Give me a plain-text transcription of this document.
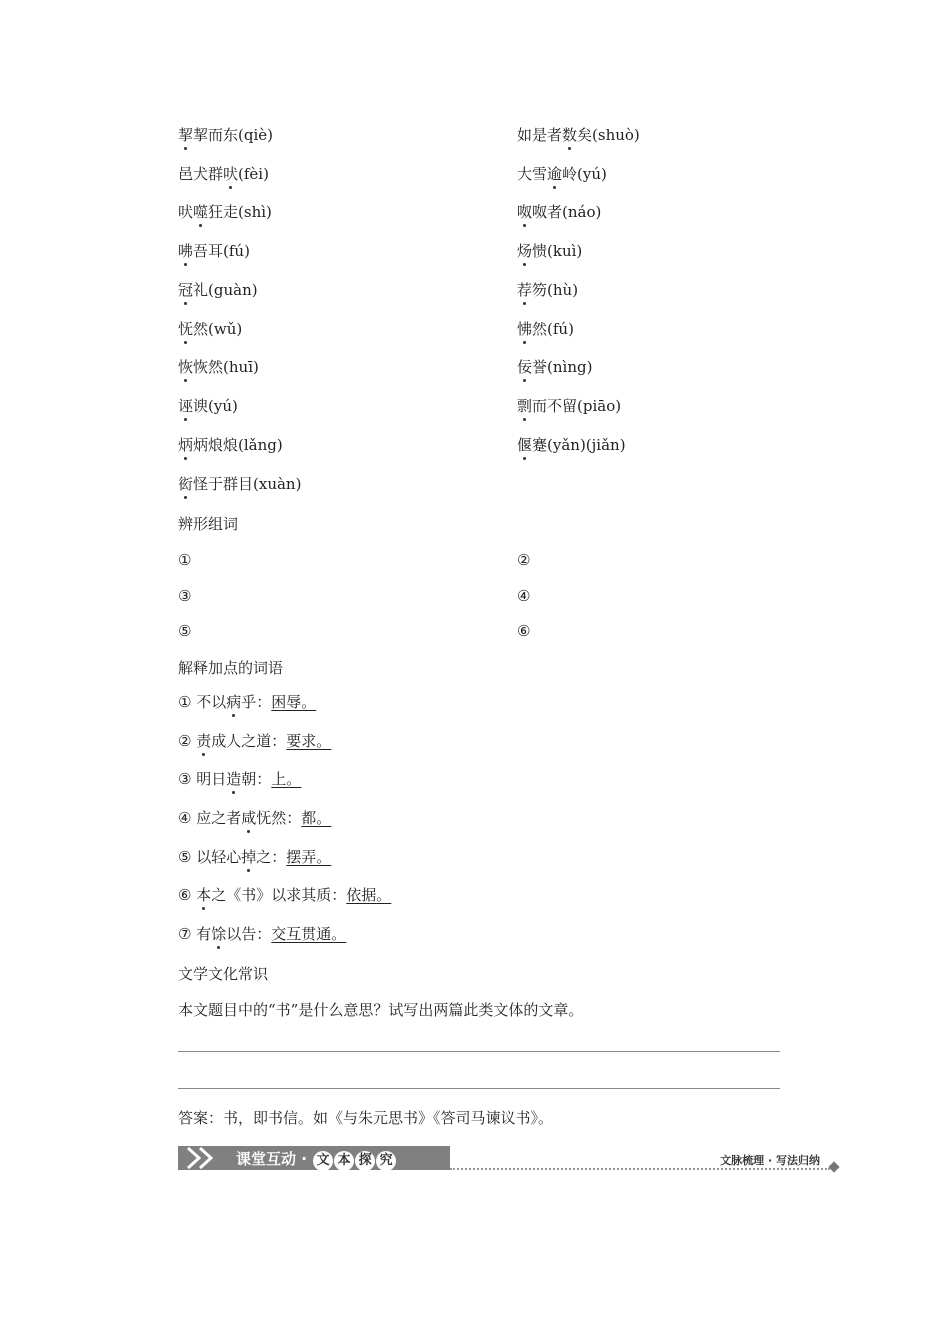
挈挈而东(qiè)	如是者数矣(shuò)
邑犬群吠(fèi)	大雪逾岭(yú)
吠噬狂走(shì)	呶呶者(náo)
咈吾耳(fú)	炀愦(kuì)
冠礼(guàn)	荐笏(hù)
怃然(wǔ)	怫然(fú)
恢恢然(huī)	佞誉(nìng)
诬谀(yú)	剽而不留(piāo)
炳炳烺烺(lǎng)	偃蹇(yǎn)(jiǎn)
衒怪于群目(xuàn)
辨形组词
①	②
③	④
⑤	⑥
解释加点的词语
① 不以病乎：困辱。
② 责成人之道：要求。
③ 明日造朝：上。
④ 应之者咸怃然：都。
⑤ 以轻心掉之：摆弄。
⑥ 本之《书》以求其质：依据。
⑦ 有馀以告：交互贯通。
文学文化常识
本文题目中的“书”是什么意思？试写出两篇此类文体的文章。
答案：书，即书信。如《与朱元思书》《答司马谏议书》。
课堂互动 · 文 本 探 究	文脉梳理 · 写法归纳
